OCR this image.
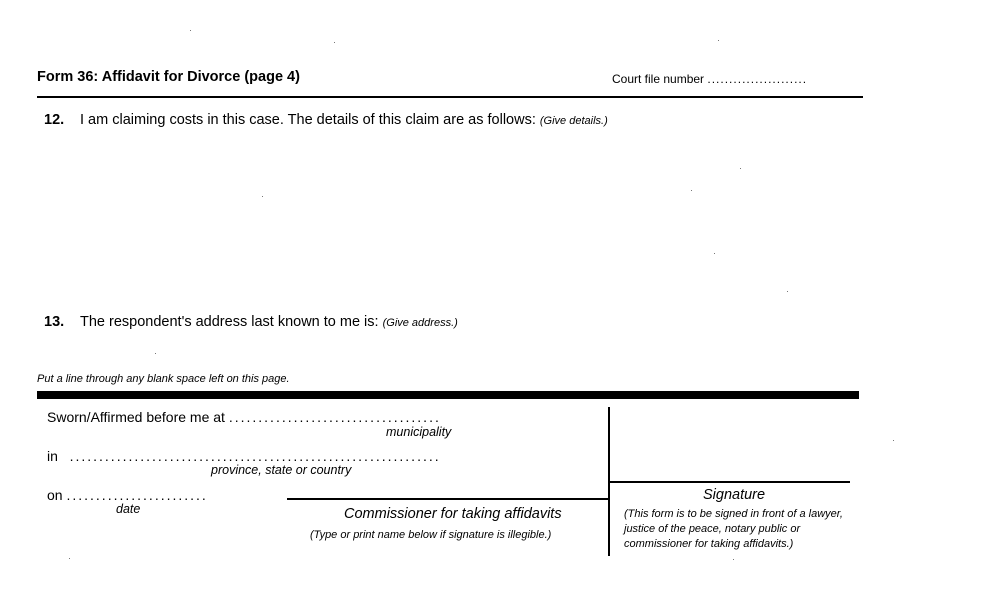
Form 36: Affidavit for Divorce (page 4)	Court file number .......................
12. I am claiming costs in this case. The details of this claim are as follows: (Give details.)
13. The respondent's address last known to me is: (Give address.)
Put a line through any blank space left on this page.
Sworn/Affirmed before me at ....................................
municipality
in ...............................................................
province, state or country
on ........................
date	Commissioner for taking affidavits
(Type or print name below if signature is illegible.)
Signature
(This form is to be signed in front of a lawyer, justice of the peace, notary public or commissioner for taking affidavits.)
